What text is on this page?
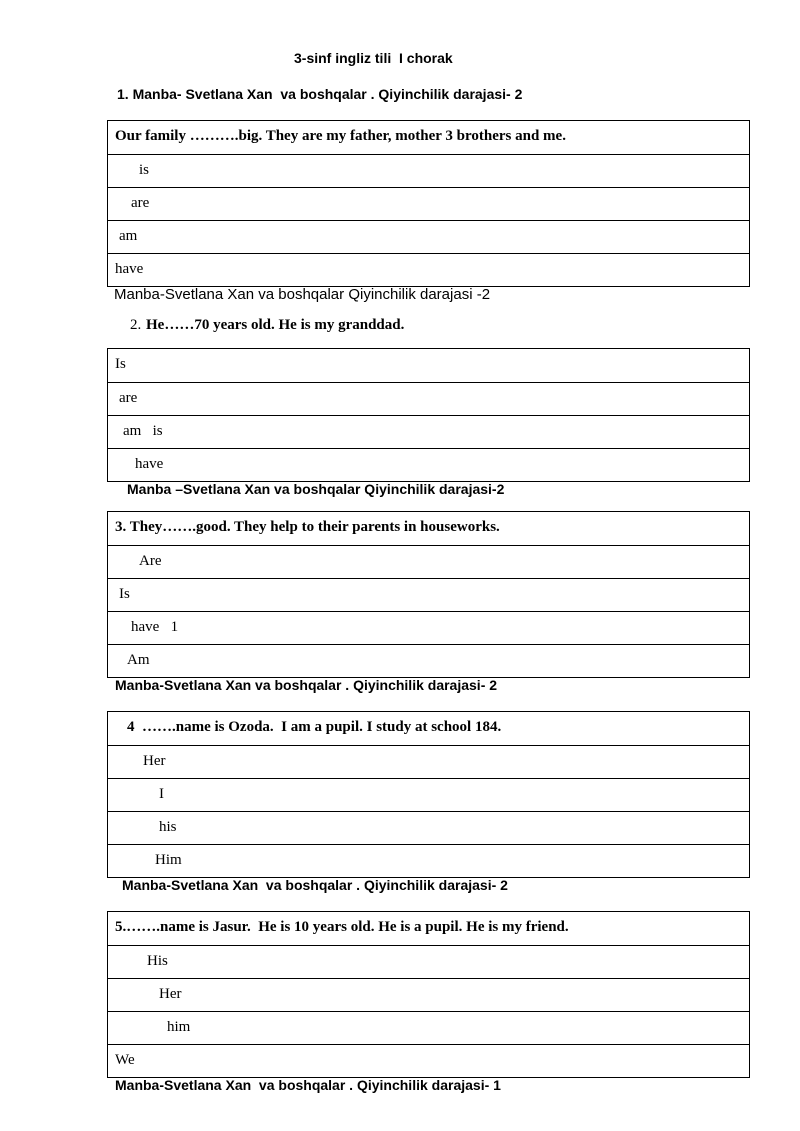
3-sinf ingliz tili  I chorak
1. Manba- Svetlana Xan  va boshqalar . Qiyinchilik darajasi- 2
Our family ……….big. They are my father, mother 3 brothers and me.
is
are
am
have
Manba-Svetlana Xan va boshqalar Qiyinchilik darajasi -2
2. He……70 years old. He is my granddad.
Is
are
am   is
have
Manba –Svetlana Xan va boshqalar Qiyinchilik darajasi-2
3. They…….good. They help to their parents in houseworks.
Are
Is
have   1
Am
Manba-Svetlana Xan va boshqalar . Qiyinchilik darajasi- 2
4  …….name is Ozoda.  I am a pupil. I study at school 184.
Her
I
his
Him
Manba-Svetlana Xan  va boshqalar . Qiyinchilik darajasi- 2
5.…….name is Jasur.  He is 10 years old. He is a pupil. He is my friend.
His
Her
him
We
Manba-Svetlana Xan  va boshqalar . Qiyinchilik darajasi- 1
